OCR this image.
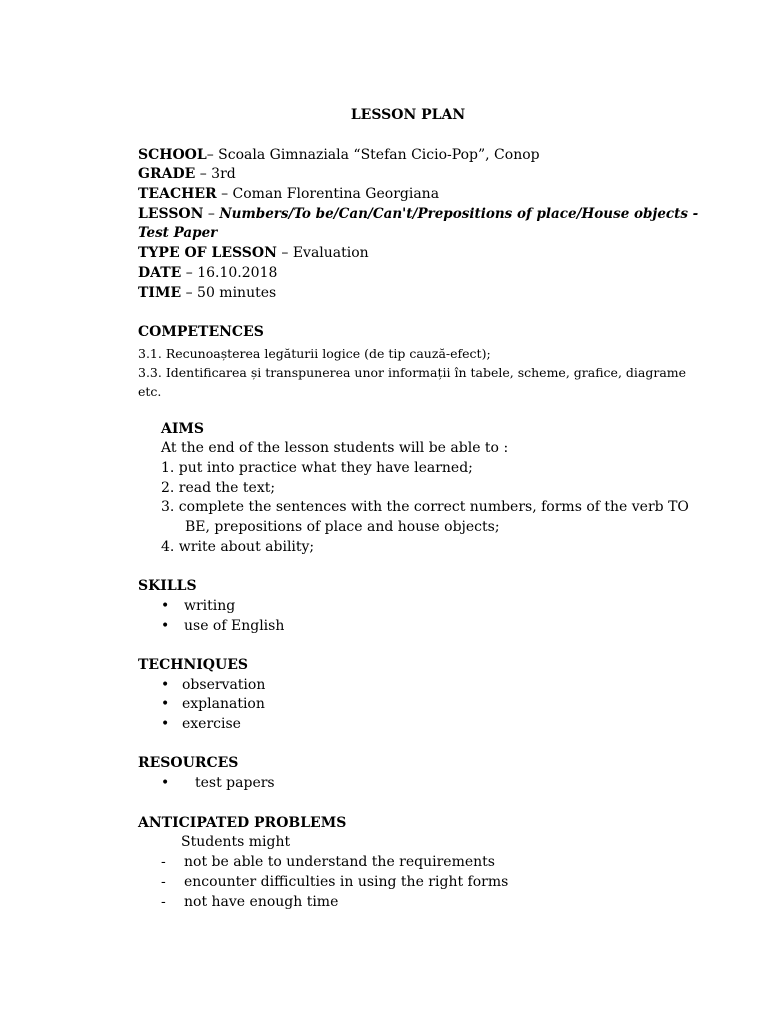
LESSON PLAN
SCHOOL– Scoala Gimnaziala “Stefan Cicio-Pop”, Conop
GRADE – 3rd
TEACHER – Coman Florentina Georgiana
LESSON – Numbers/To be/Can/Can't/Prepositions of place/House objects -
Test Paper
TYPE OF LESSON – Evaluation
DATE – 16.10.2018
TIME – 50 minutes
COMPETENCES
3.1. Recunoașterea legăturii logice (de tip cauză-efect);
3.3. Identificarea și transpunerea unor informații în tabele, scheme, grafice, diagrame
etc.
AIMS
At the end of the lesson students will be able to :
1. put into practice what they have learned;
2. read the text;
3. complete the sentences with the correct numbers, forms of the verb TO
BE, prepositions of place and house objects;
4. write about ability;
SKILLS
• writing
• use of English
TECHNIQUES
• observation
• explanation
• exercise
RESOURCES
• test papers
ANTICIPATED PROBLEMS
Students might
- not be able to understand the requirements
- encounter difficulties in using the right forms
- not have enough time
